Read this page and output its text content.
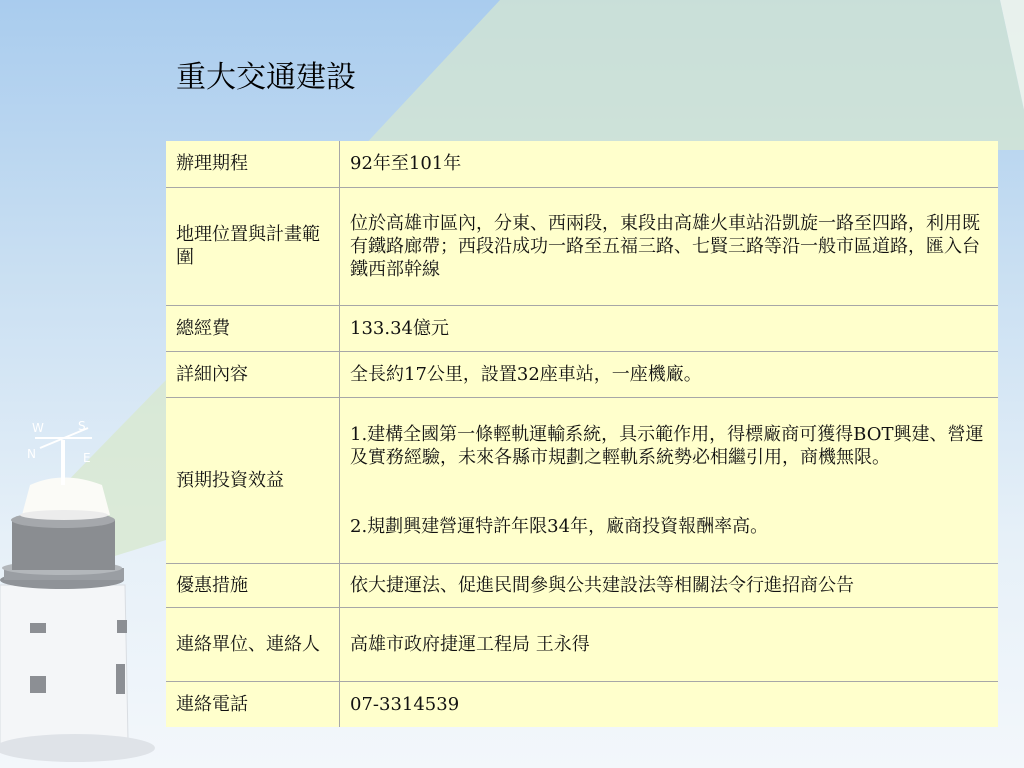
W	S
N	E
重大交通建設
辦理期程	92年至101年
地理位置與計畫範圍	位於高雄市區內，分東、西兩段，東段由高雄火車站沿凱旋一路至四路，利用既有鐵路廊帶；西段沿成功一路至五福三路、七賢三路等沿一般市區道路，匯入台鐵西部幹線
總經費	133.34億元
詳細內容	全長約17公里，設置32座車站，一座機廠。
預期投資效益	1.建構全國第一條輕軌運輸系統，具示範作用，得標廠商可獲得BOT興建、營運及實務經驗，未來各縣市規劃之輕軌系統勢必相繼引用，商機無限。
2.規劃興建營運特許年限34年，廠商投資報酬率高。

優惠措施	依大捷運法、促進民間參與公共建設法等相關法令行進招商公告
連絡單位、連絡人	高雄市政府捷運工程局 王永得
連絡電話	07-3314539
